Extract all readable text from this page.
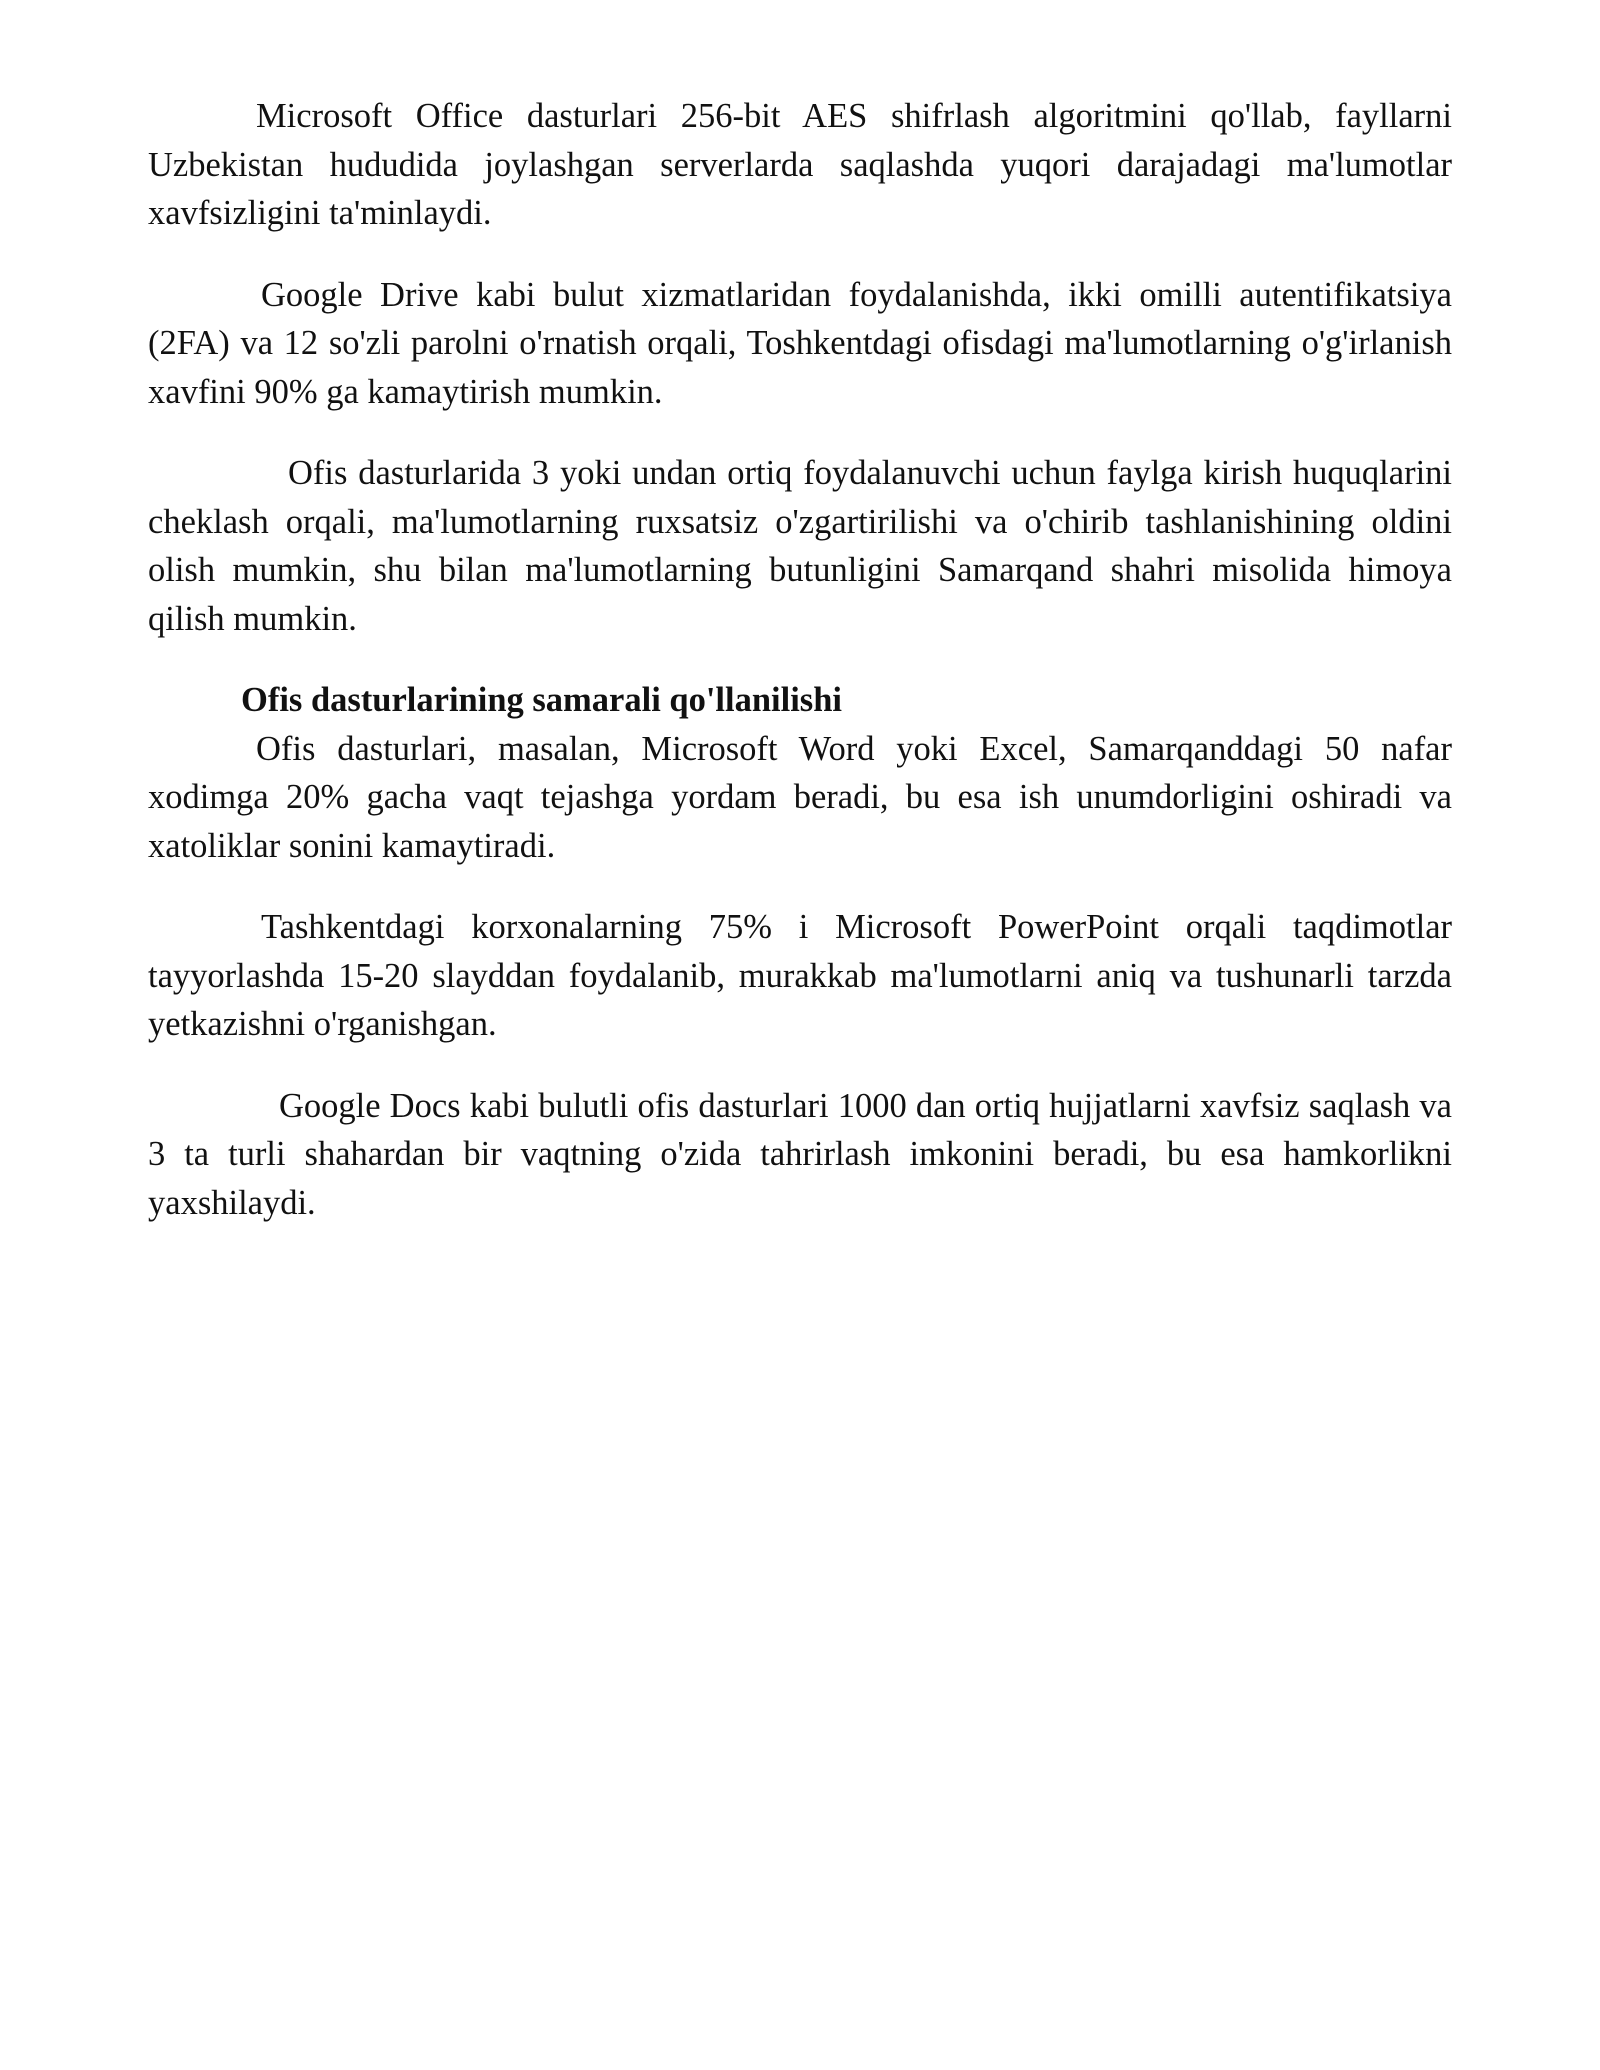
Microsoft Office dasturlari 256-bit AES shifrlash algoritmini qo'llab, fayllarni Uzbekistan hududida joylashgan serverlarda saqlashda yuqori darajadagi ma'lumotlar xavfsizligini ta'minlaydi.

Google Drive kabi bulut xizmatlaridan foydalanishda, ikki omilli autentifikatsiya (2FA) va 12 so'zli parolni o'rnatish orqali, Toshkentdagi ofisdagi ma'lumotlarning o'g'irlanish xavfini 90% ga kamaytirish mumkin.

Ofis dasturlarida 3 yoki undan ortiq foydalanuvchi uchun faylga kirish huquqlarini cheklash orqali, ma'lumotlarning ruxsatsiz o'zgartirilishi va o'chirib tashlanishining oldini olish mumkin, shu bilan ma'lumotlarning butunligini Samarqand shahri misolida himoya qilish mumkin.

Ofis dasturlarining samarali qo'llanilishi

Ofis dasturlari, masalan, Microsoft Word yoki Excel, Samarqanddagi 50 nafar xodimga 20% gacha vaqt tejashga yordam beradi, bu esa ish unumdorligini oshiradi va xatoliklar sonini kamaytiradi.

Tashkentdagi korxonalarning 75% i Microsoft PowerPoint orqali taqdimotlar tayyorlashda 15-20 slayddan foydalanib, murakkab ma'lumotlarni aniq va tushunarli tarzda yetkazishni o'rganishgan.

Google Docs kabi bulutli ofis dasturlari 1000 dan ortiq hujjatlarni xavfsiz saqlash va 3 ta turli shahardan bir vaqtning o'zida tahrirlash imkonini beradi, bu esa hamkorlikni yaxshilaydi.
